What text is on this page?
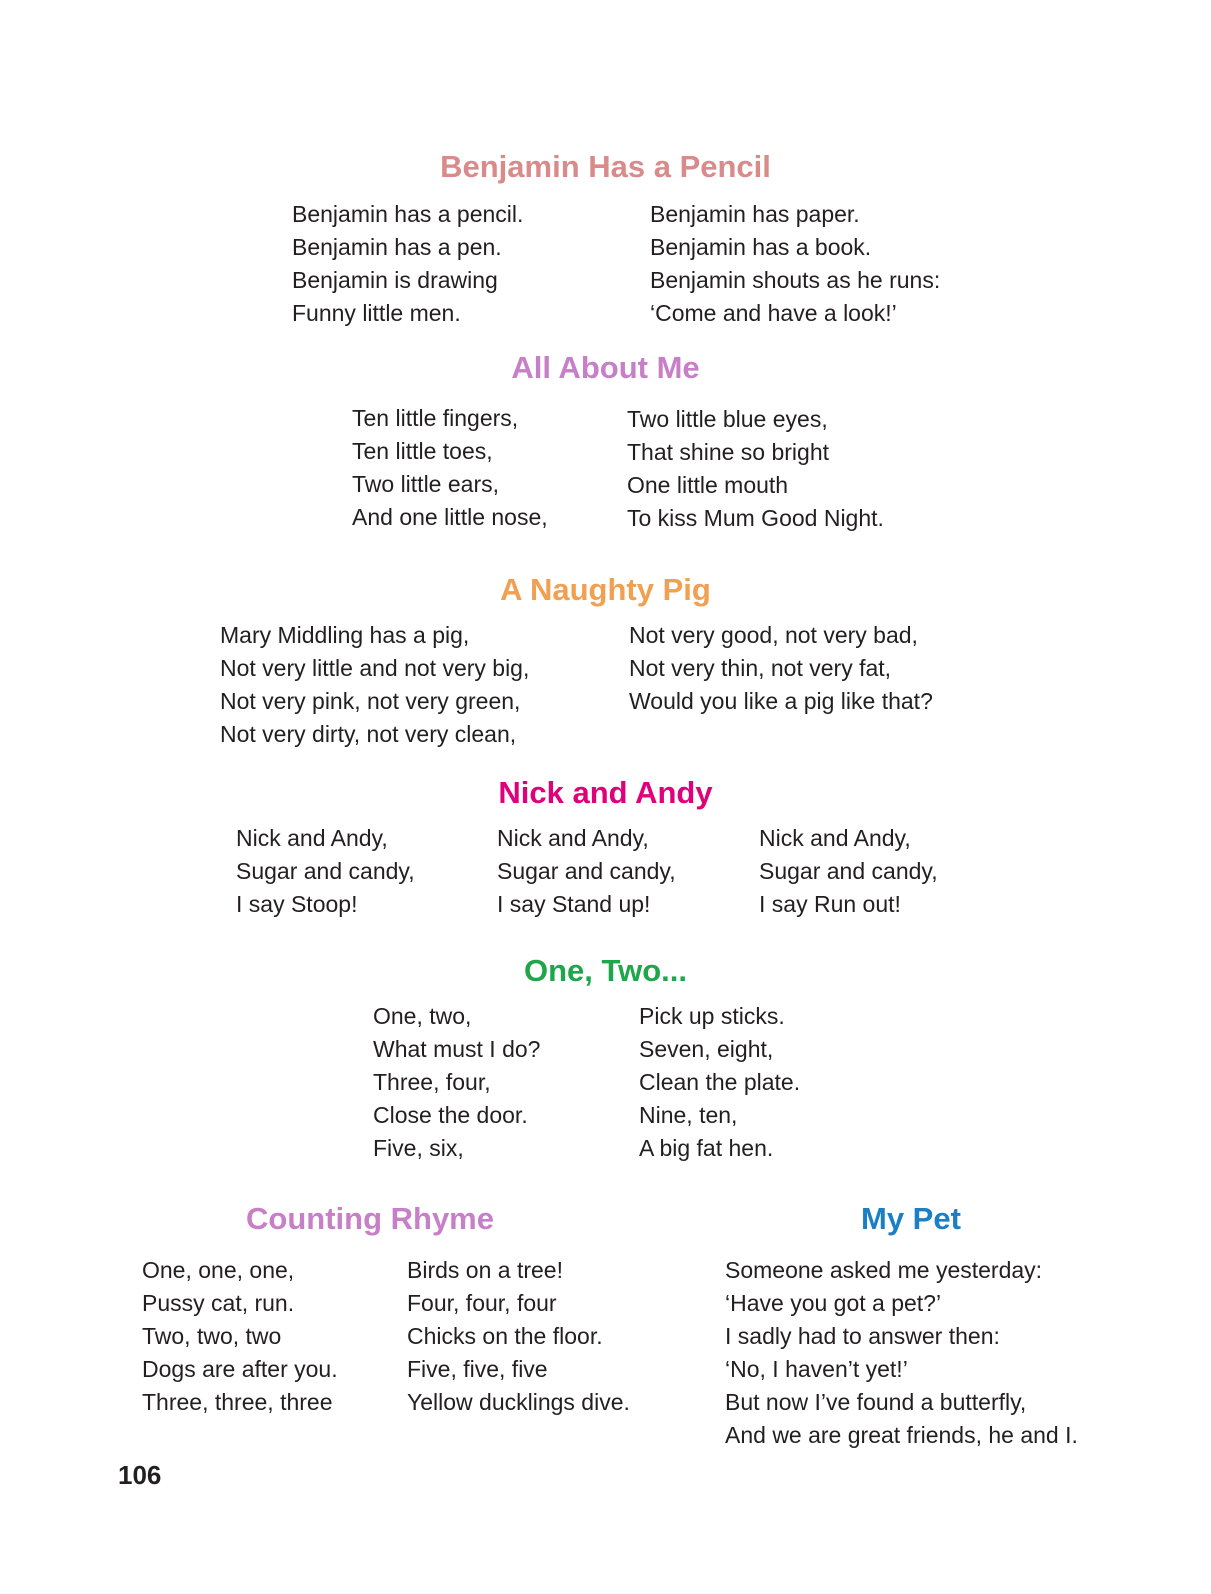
Benjamin Has a Pencil
Benjamin has a pencil.
Benjamin has a pen.
Benjamin is drawing
Funny little men.
Benjamin has paper.
Benjamin has a book.
Benjamin shouts as he runs:
‘Come and have a look!’
All About Me
Ten little fingers,
Ten little toes,
Two little ears,
And one little nose,
Two little blue eyes,
That shine so bright
One little mouth
To kiss Mum Good Night.
A Naughty Pig
Mary Middling has a pig,
Not very little and not very big,
Not very pink, not very green,
Not very dirty, not very clean,
Not very good, not very bad,
Not very thin, not very fat,
Would you like a pig like that?
Nick and Andy
Nick and Andy,
Sugar and candy,
I say Stoop!
Nick and Andy,
Sugar and candy,
I say Stand up!
Nick and Andy,
Sugar and candy,
I say Run out!
One, Two...
One, two,
What must I do?
Three, four,
Close the door.
Five, six,
Pick up sticks.
Seven, eight,
Clean the plate.
Nine, ten,
A big fat hen.
Counting Rhyme
One, one, one,
Pussy cat, run.
Two, two, two
Dogs are after you.
Three, three, three
Birds on a tree!
Four, four, four
Chicks on the floor.
Five, five, five
Yellow ducklings dive.
My Pet
Someone asked me yesterday:
‘Have you got a pet?’
I sadly had to answer then:
‘No, I haven’t yet!’
But now I’ve found a butterfly,
And we are great friends, he and I.
106
